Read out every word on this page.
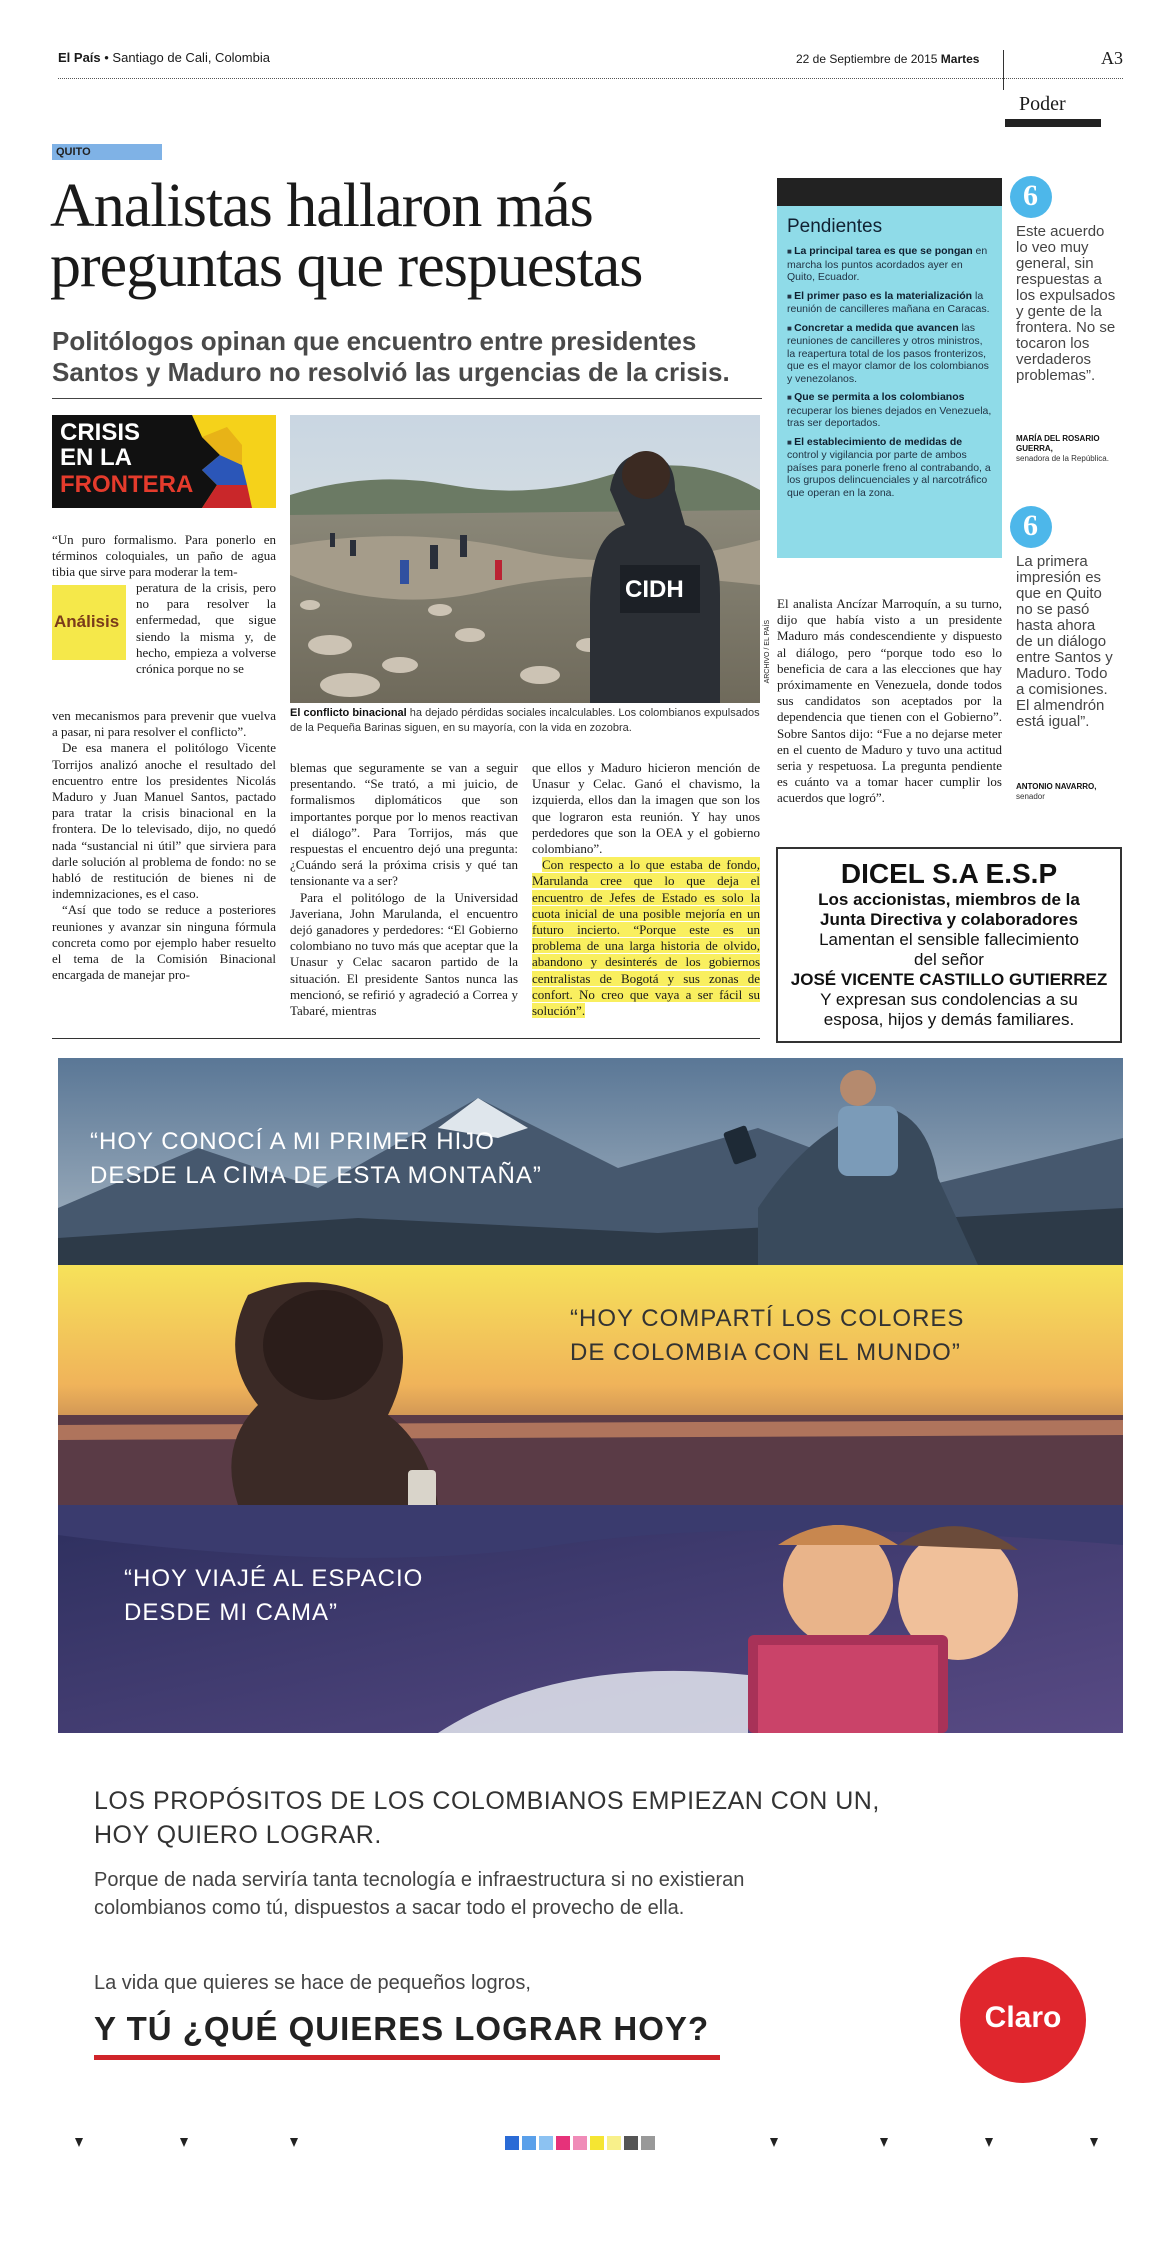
El País • Santiago de Cali, Colombia	22 de Septiembre de 2015 Martes	A3
Poder
QUITO
Analistas hallaron más
preguntas que respuestas
Politólogos opinan que encuentro entre presidentes
Santos y Maduro no resolvió las urgencias de la crisis.
CRISIS
EN LA
FRONTERA
CIDH
ARCHIVO / EL PAÍS
El conflicto binacional ha dejado pérdidas sociales incalculables. Los colombianos expulsados de la Pequeña Barinas siguen, en su mayoría, con la vida en zozobra.
“Un puro formalismo. Para ponerlo en términos coloquiales, un paño de agua tibia que sirve para moderar la tem-
Análisis
peratura de la crisis, pero no para resolver la enfermedad, que sigue siendo la misma y, de hecho, empieza a volverse crónica porque no se

ven mecanismos para prevenir que vuelva a pasar, ni para resolver el conflicto”.

De esa manera el politólogo Vicente Torrijos analizó anoche el resultado del encuentro entre los presidentes Nicolás Maduro y Juan Manuel Santos, pactado para tratar la crisis binacional en la frontera. De lo televisado, dijo, no quedó nada “sustancial ni útil” que sirviera para darle solución al problema de fondo: no se habló de restitución de bienes ni de indemnizaciones, es el caso.

“Así que todo se reduce a posteriores reuniones y avanzar sin ninguna fórmula concreta como por ejemplo haber resuelto el tema de la Comisión Binacional encargada de manejar pro-

blemas que seguramente se van a seguir presentando. “Se trató, a mi juicio, de formalismos diplomáticos que son importantes porque por lo menos reactivan el diálogo”. Para Torrijos, más que respuestas el encuentro dejó una pregunta: ¿Cuándo será la próxima crisis y qué tan tensionante va a ser?

Para el politólogo de la Universidad Javeriana, John Marulanda, el encuentro dejó ganadores y perdedores: “El Gobierno colombiano no tuvo más que aceptar que la Unasur y Celac sacaron partido de la situación. El presidente Santos nunca las mencionó, se refirió y agradeció a Correa y Tabaré, mientras

que ellos y Maduro hicieron mención de Unasur y Celac. Ganó el chavismo, la izquierda, ellos dan la imagen que son los que lograron esta reunión. Y hay unos perdedores que son la OEA y el gobierno colombiano”.

Con respecto a lo que estaba de fondo, Marulanda cree que lo que deja el encuentro de Jefes de Estado es solo la cuota inicial de una posible mejoría en un futuro incierto. “Porque este es un problema de una larga historia de olvido, abandono y desinterés de los gobiernos centralistas de Bogotá y sus zonas de confort. No creo que vaya a ser fácil su solución”.

Pendientes
■ La principal tarea es que se pongan en marcha los puntos acordados ayer en Quito, Ecuador.
■ El primer paso es la materialización la reunión de cancilleres mañana en Caracas.
■ Concretar a medida que avancen las reuniones de cancilleres y otros ministros, la reapertura total de los pasos fronterizos, que es el mayor clamor de los colombianos y venezolanos.
■ Que se permita a los colombianos recuperar los bienes dejados en Venezuela, tras ser deportados.
■ El establecimiento de medidas de control y vigilancia por parte de ambos países para ponerle freno al contrabando, a los grupos delincuenciales y al narcotráfico que operan en la zona.
6
Este acuerdo lo veo muy general, sin respuestas a los expulsados y gente de la frontera. No se tocaron los verdaderos problemas”.
MARÍA DEL ROSARIO GUERRA,
senadora de la República.
6
La primera impresión es que en Quito no se pasó hasta ahora de un diálogo entre Santos y Maduro. Todo a comisiones. El almendrón está igual”.
ANTONIO NAVARRO,
senador
El analista Ancízar Marroquín, a su turno, dijo que había visto a un presidente Maduro más condescendiente y dispuesto al diálogo, pero “porque todo eso lo beneficia de cara a las elecciones que hay próximamente en Venezuela, donde todos sus candidatos son aceptados por la dependencia que tienen con el Gobierno”. Sobre Santos dijo: “Fue a no dejarse meter en el cuento de Maduro y tuvo una actitud seria y respetuosa. La pregunta pendiente es cuánto va a tomar hacer cumplir los acuerdos que logró”.
DICEL S.A E.S.P
Los accionistas, miembros de la
Junta Directiva y colaboradores
Lamentan el sensible fallecimiento
del señor
JOSÉ VICENTE CASTILLO GUTIERREZ
Y expresan sus condolencias a su
esposa, hijos y demás familiares.
“HOY CONOCÍ A MI PRIMER HIJO
DESDE LA CIMA DE ESTA MONTAÑA”
“HOY COMPARTÍ LOS COLORES
DE COLOMBIA CON EL MUNDO”
“HOY VIAJÉ AL ESPACIO
DESDE MI CAMA”
LOS PROPÓSITOS DE LOS COLOMBIANOS EMPIEZAN CON UN,
HOY QUIERO LOGRAR.
Porque de nada serviría tanta tecnología e infraestructura si no existieran
colombianos como tú, dispuestos a sacar todo el provecho de ella.
La vida que quieres se hace de pequeños logros,
Y TÚ ¿QUÉ QUIERES LOGRAR HOY?	Claro
